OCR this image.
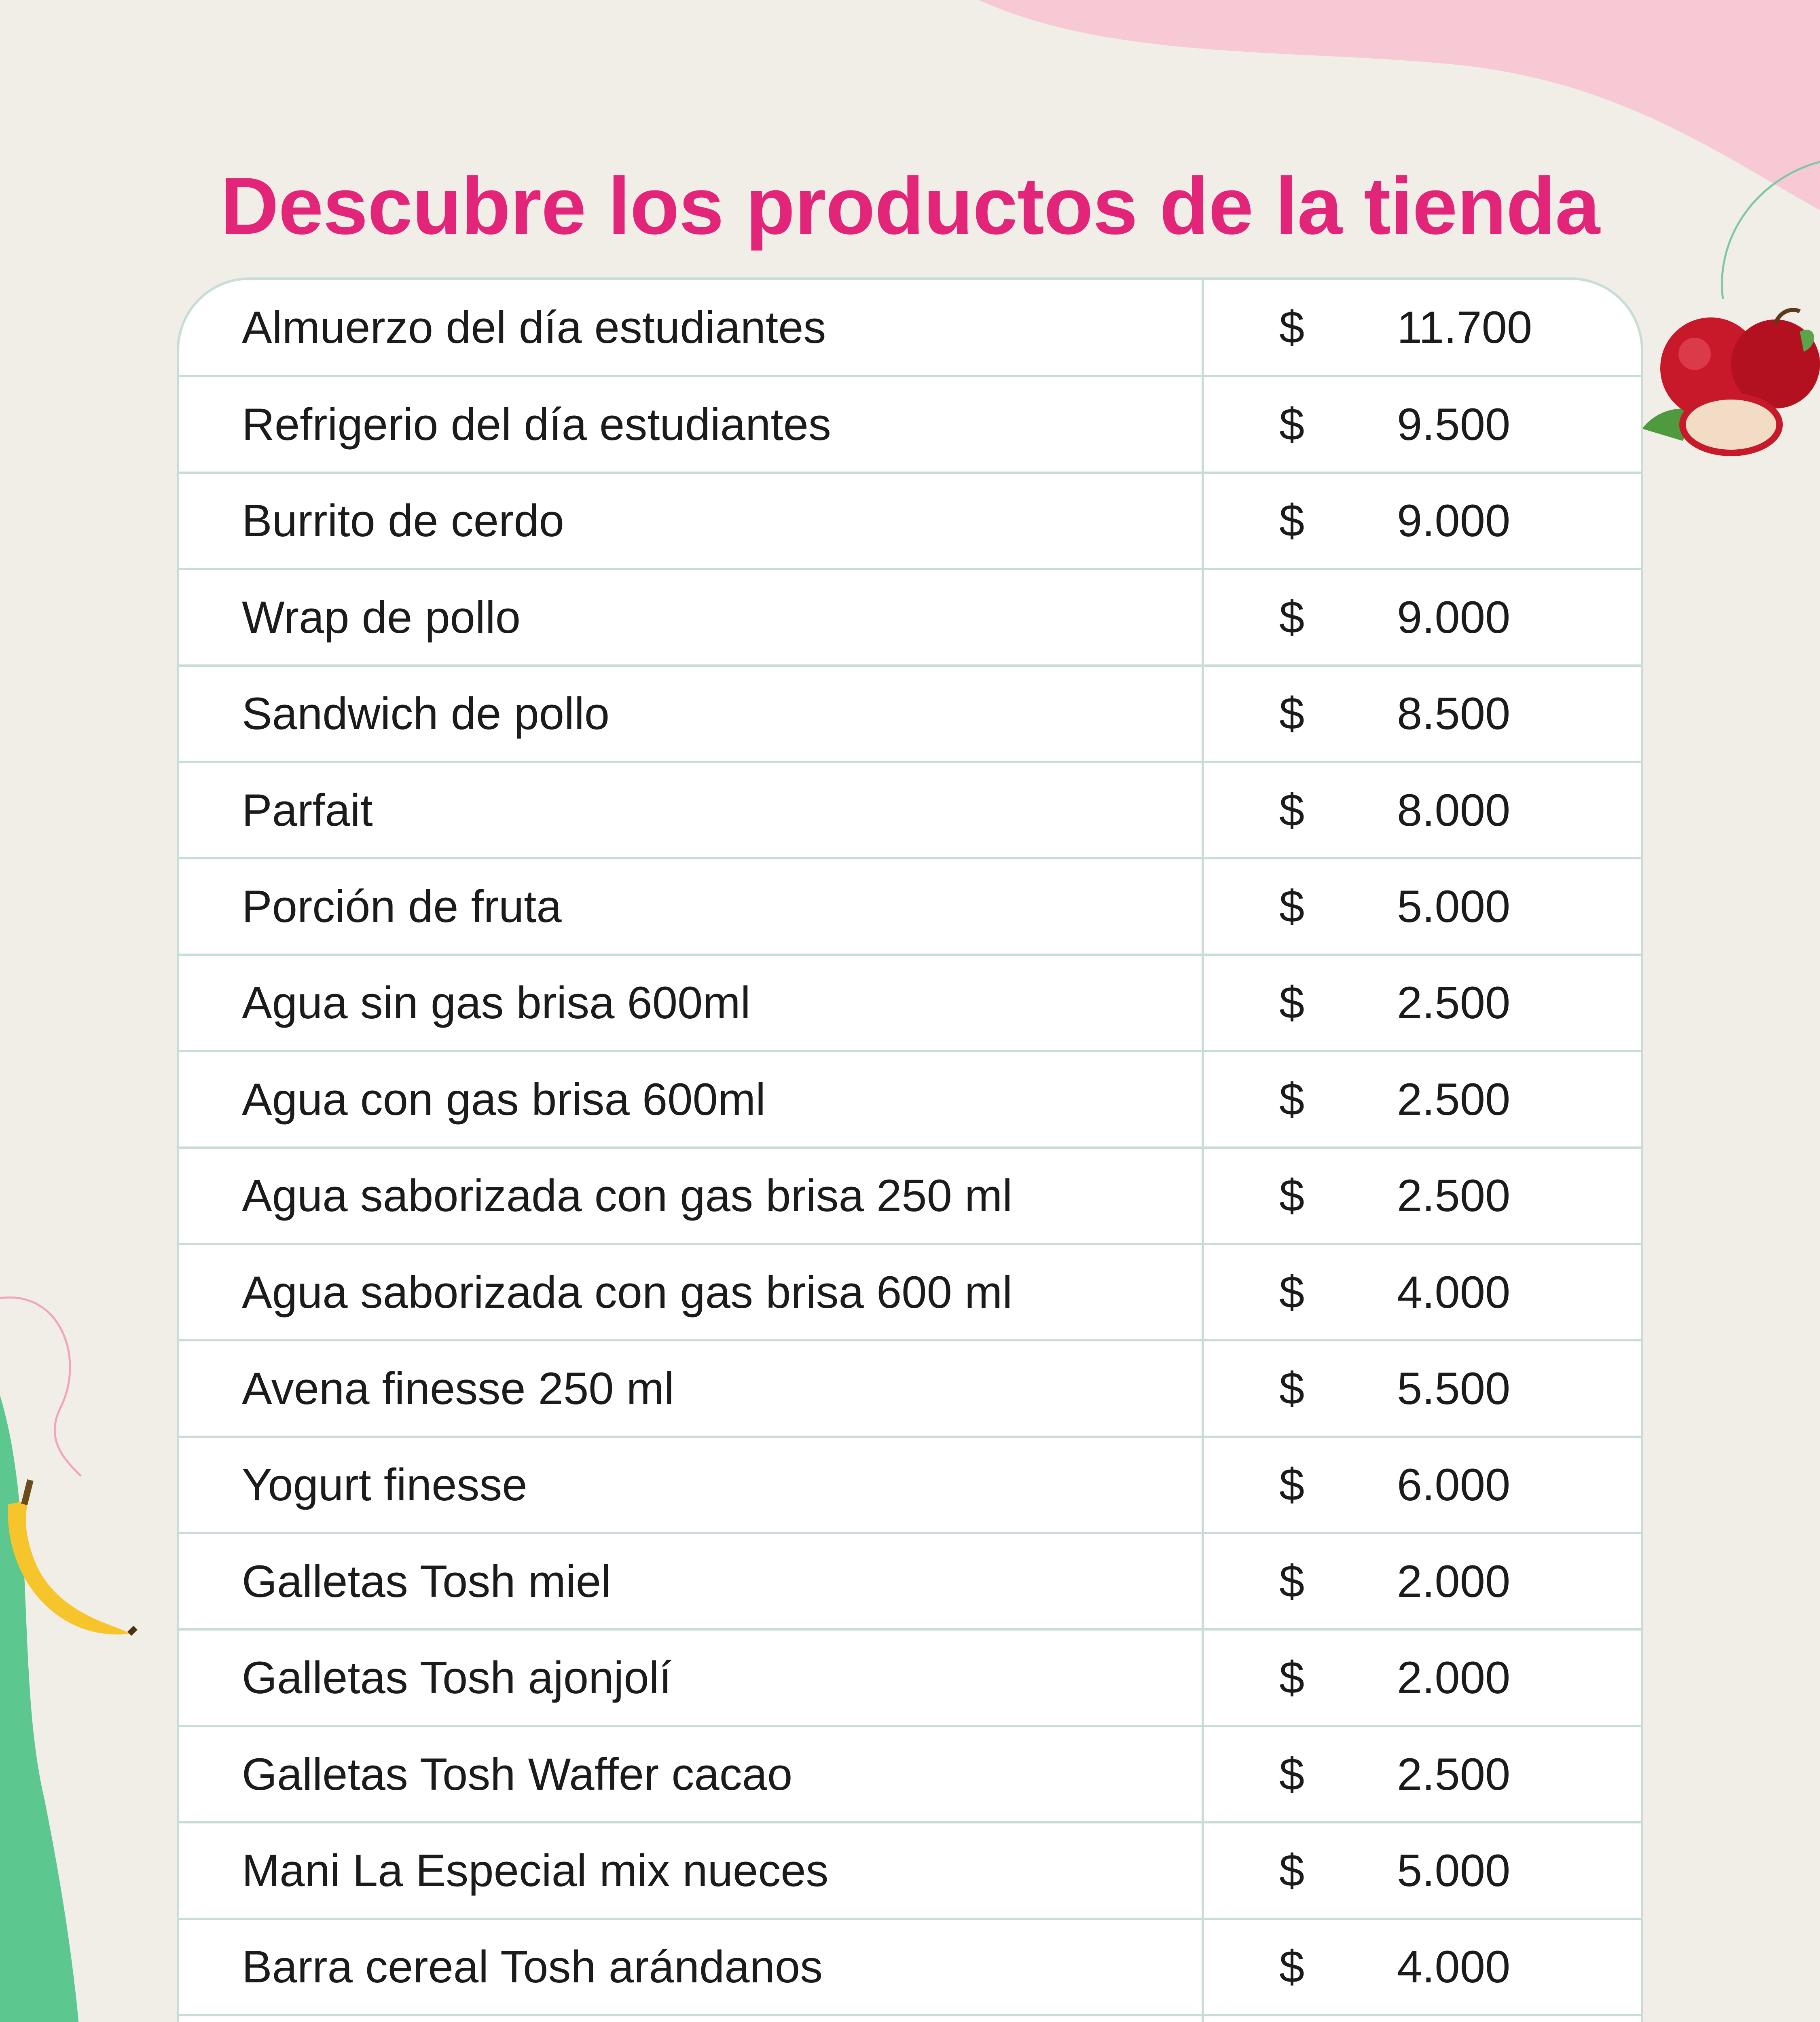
Descubre los productos de la tienda
Almuerzo del día estudiantes	$	11.700
Refrigerio del día estudiantes	$	9.500
Burrito de cerdo	$	9.000
Wrap de pollo	$	9.000
Sandwich de pollo	$	8.500
Parfait	$	8.000
Porción de fruta	$	5.000
Agua sin gas brisa 600ml	$	2.500
Agua con gas brisa 600ml	$	2.500
Agua saborizada con gas brisa 250 ml	$	2.500
Agua saborizada con gas brisa 600 ml	$	4.000
Avena finesse 250 ml	$	5.500
Yogurt finesse	$	6.000
Galletas Tosh miel	$	2.000
Galletas Tosh ajonjolí	$	2.000
Galletas Tosh Waffer cacao	$	2.500
Mani La Especial mix nueces	$	5.000
Barra cereal Tosh arándanos	$	4.000
